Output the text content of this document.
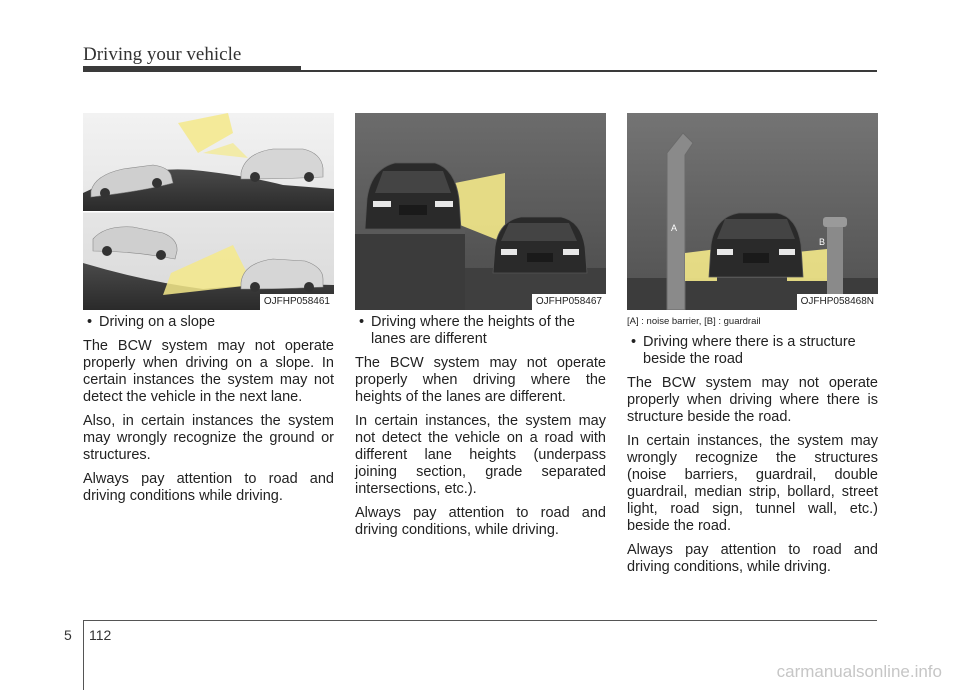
Driving your vehicle
OJFHP058461	OJFHP058467
A
B
OJFHP058468N

• Driving on a slope

The BCW system may not operate properly when driving on a slope. In certain instances the system may not detect the vehicle in the next lane.

Also, in certain instances the system may wrongly recognize the ground or structures.

Always pay attention to road and driving conditions while driving.

• Driving where the heights of the lanes are different

The BCW system may not operate properly when driving where the heights of the lanes are different.

In certain instances, the system may not detect the vehicle on a road with different lane heights (underpass joining section, grade separated intersections, etc.).

Always pay attention to road and driving conditions, while driving.

[A] : noise barrier, [B] : guardrail

• Driving where there is a structure beside the road

The BCW system may not operate properly when driving where there is structure beside the road.

In certain instances, the system may wrongly recognize the structures (noise barriers, guardrail, double guardrail, median strip, bollard, street light, road sign, tunnel wall, etc.) beside the road.

Always pay attention to road and driving conditions, while driving.

5 112
carmanualsonline.info
